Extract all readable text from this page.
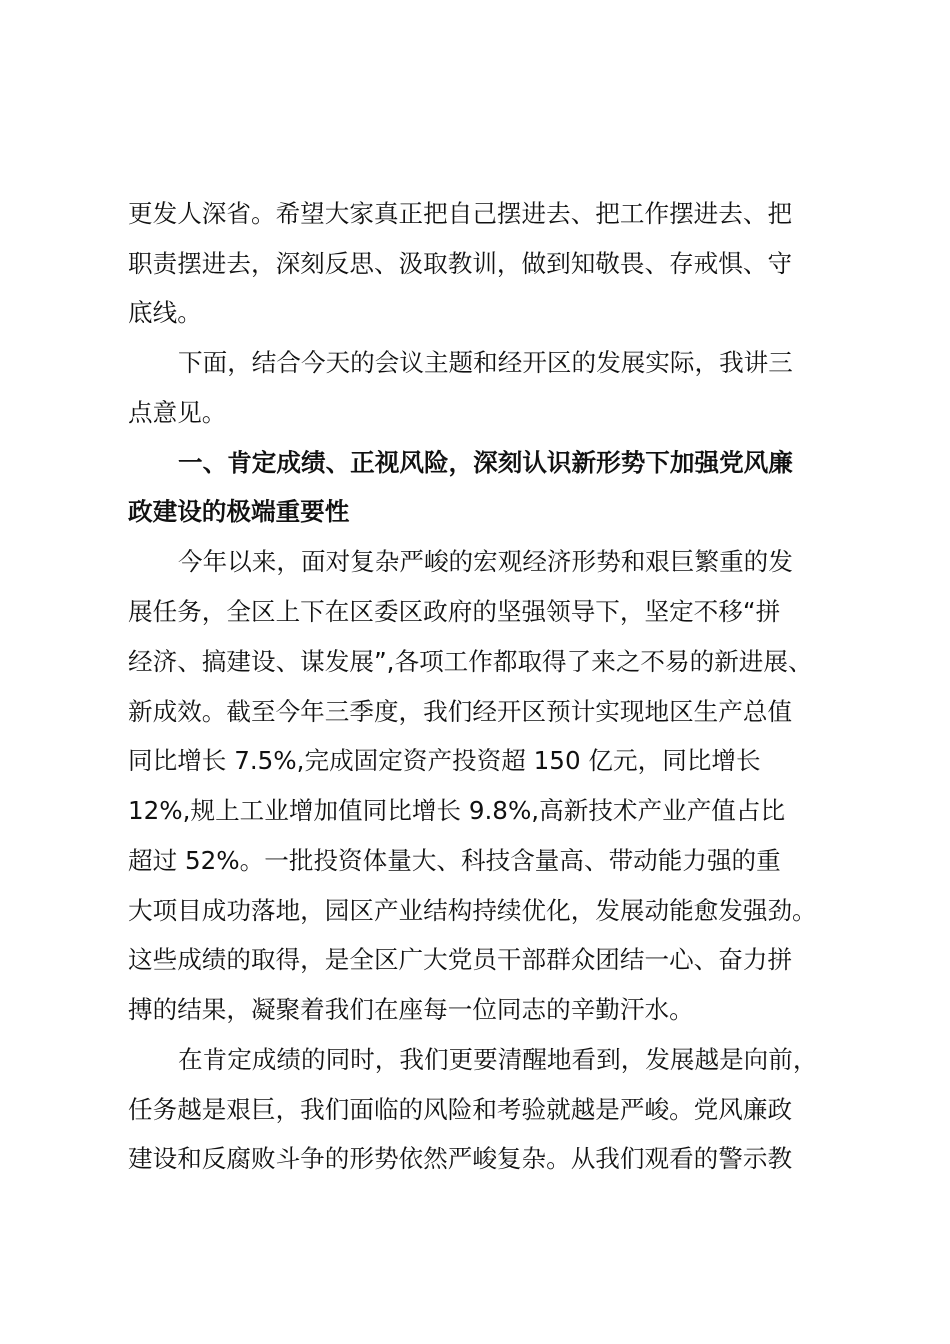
更发人深省。希望大家真正把自己摆进去、把工作摆进去、把
职责摆进去，深刻反思、汲取教训，做到知敬畏、存戒惧、守
底线。
下面，结合今天的会议主题和经开区的发展实际，我讲三
点意见。
一、肯定成绩、正视风险，深刻认识新形势下加强党风廉
政建设的极端重要性
今年以来，面对复杂严峻的宏观经济形势和艰巨繁重的发
展任务，全区上下在区委区政府的坚强领导下，坚定不移“拼
经济、搞建设、谋发展”,各项工作都取得了来之不易的新进展、
新成效。截至今年三季度，我们经开区预计实现地区生产总值
同比增长 7.5%,完成固定资产投资超 150 亿元，同比增长
12%,规上工业增加值同比增长 9.8%,高新技术产业产值占比
超过 52%。一批投资体量大、科技含量高、带动能力强的重
大项目成功落地，园区产业结构持续优化，发展动能愈发强劲。
这些成绩的取得，是全区广大党员干部群众团结一心、奋力拼
搏的结果，凝聚着我们在座每一位同志的辛勤汗水。
在肯定成绩的同时，我们更要清醒地看到，发展越是向前，
任务越是艰巨，我们面临的风险和考验就越是严峻。党风廉政
建设和反腐败斗争的形势依然严峻复杂。从我们观看的警示教
